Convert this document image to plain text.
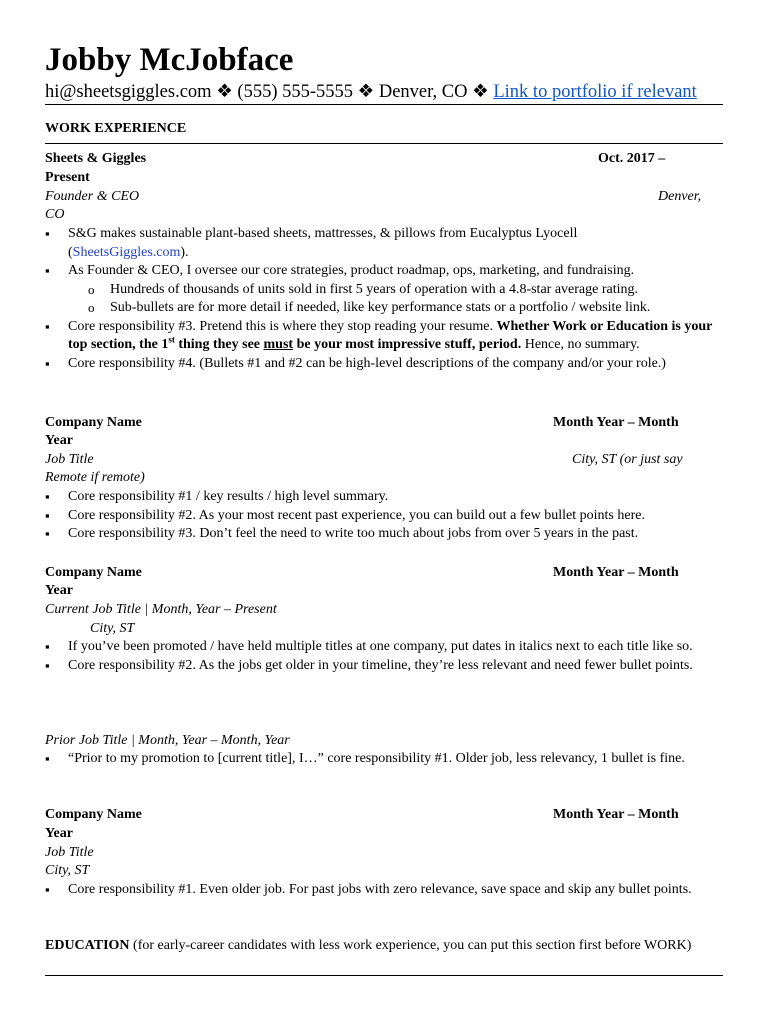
Jobby McJobface
hi@sheetsgiggles.com ❖ (555) 555-5555 ❖ Denver, CO ❖ Link to portfolio if relevant
WORK EXPERIENCE
Sheets & Giggles	Oct. 2017 –
Present
Founder & CEO	Denver,
CO
▪ S&G makes sustainable plant-based sheets, mattresses, & pillows from Eucalyptus Lyocell
(SheetsGiggles.com).
▪ As Founder & CEO, I oversee our core strategies, product roadmap, ops, marketing, and fundraising.
o Hundreds of thousands of units sold in first 5 years of operation with a 4.8-star average rating.
o Sub-bullets are for more detail if needed, like key performance stats or a portfolio / website link.
▪ Core responsibility #3. Pretend this is where they stop reading your resume. Whether Work or Education is your top section, the 1st thing they see must be your most impressive stuff, period. Hence, no summary.
▪ Core responsibility #4. (Bullets #1 and #2 can be high-level descriptions of the company and/or your role.)
Company Name	Month Year – Month
Year
Job Title	City, ST (or just say
Remote if remote)
▪ Core responsibility #1 / key results / high level summary.
▪ Core responsibility #2. As your most recent past experience, you can build out a few bullet points here.
▪ Core responsibility #3. Don’t feel the need to write too much about jobs from over 5 years in the past.
Company Name	Month Year – Month
Year
Current Job Title | Month, Year – Present
City, ST
▪ If you’ve been promoted / have held multiple titles at one company, put dates in italics next to each title like so.
▪ Core responsibility #2. As the jobs get older in your timeline, they’re less relevant and need fewer bullet points.
Prior Job Title | Month, Year – Month, Year
▪ “Prior to my promotion to [current title], I…” core responsibility #1. Older job, less relevancy, 1 bullet is fine.
Company Name	Month Year – Month
Year
Job Title
City, ST
▪ Core responsibility #1. Even older job. For past jobs with zero relevance, save space and skip any bullet points.
EDUCATION (for early-career candidates with less work experience, you can put this section first before WORK)
